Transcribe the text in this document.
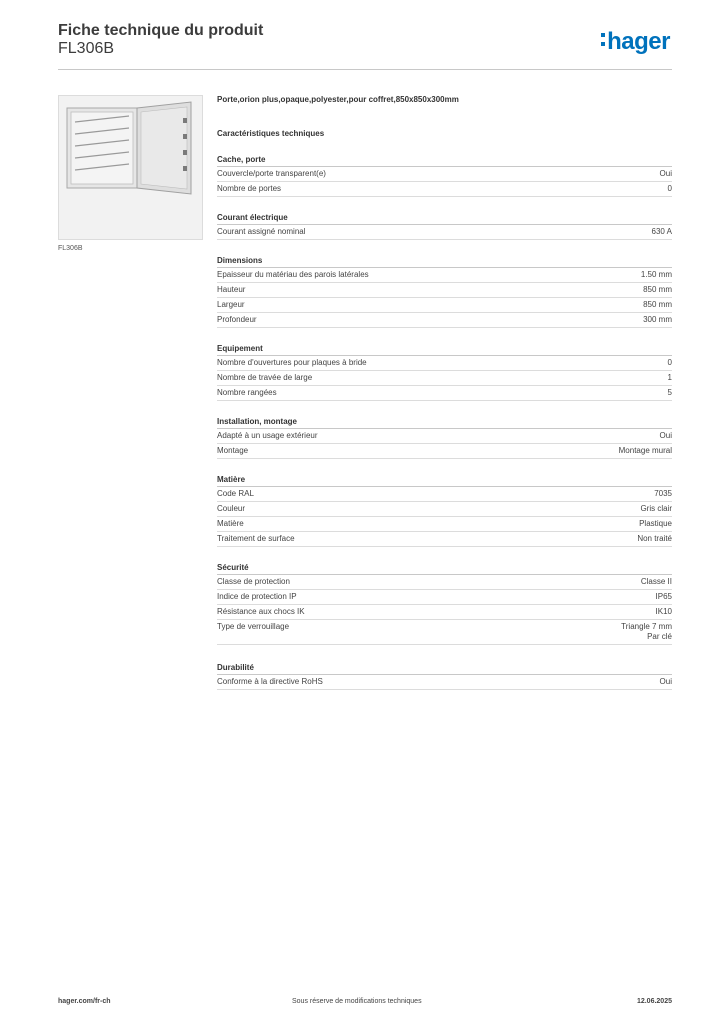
Fiche technique du produit
FL306B	hager
FL306B
Porte,orion plus,opaque,polyester,pour coffret,850x850x300mm
Caractéristiques techniques
Cache, porte
Couvercle/porte transparent(e)	Oui
Nombre de portes	0
Courant électrique
Courant assigné nominal	630 A
Dimensions
Epaisseur du matériau des parois latérales	1.50 mm
Hauteur	850 mm
Largeur	850 mm
Profondeur	300 mm
Equipement
Nombre d'ouvertures pour plaques à bride	0
Nombre de travée de large	1
Nombre rangées	5
Installation, montage
Adapté à un usage extérieur	Oui
Montage	Montage mural
Matière
Code RAL	7035
Couleur	Gris clair
Matière	Plastique
Traitement de surface	Non traité
Sécurité
Classe de protection	Classe II
Indice de protection IP	IP65
Résistance aux chocs IK	IK10
Type de verrouillage	Triangle 7 mm
Par clé
Durabilité
Conforme à la directive RoHS	Oui
hager.com/fr-ch	Sous réserve de modifications techniques	12.06.2025
